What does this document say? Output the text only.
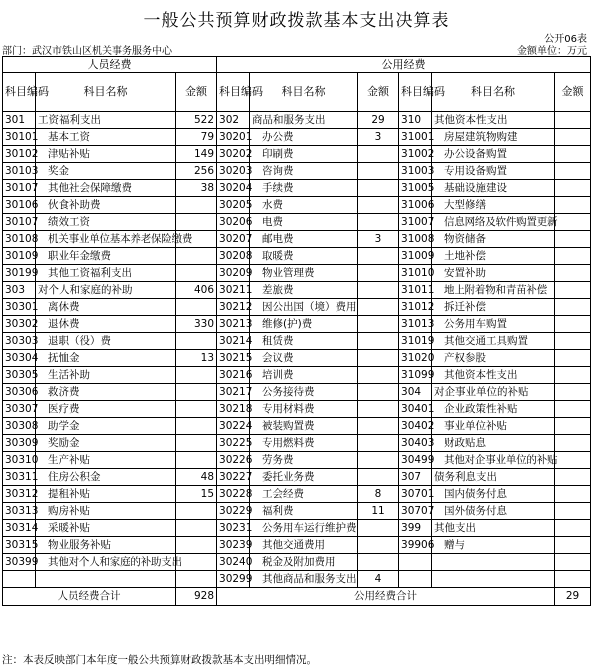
一般公共预算财政拨款基本支出决算表
公开06表
部门：武汉市铁山区机关事务服务中心	金额单位：万元
人员经费			公用经费					
科目编码	科目名称	金额	科目编码	科目名称	金额	科目编码	科目名称	金额
301	工资福利支出	522	302	商品和服务支出	29	310	其他资本性支出	
30101	基本工资	79	30201	办公费	3	31001	房屋建筑物购建	
30102	津贴补贴	149	30202	印刷费		31002	办公设备购置	
30103	奖金	256	30203	咨询费		31003	专用设备购置	
30107	其他社会保障缴费	38	30204	手续费		31005	基础设施建设	
30106	伙食补助费		30205	水费		31006	大型修缮	
30107	绩效工资		30206	电费		31007	信息网络及软件购置更新	
30108	机关事业单位基本养老保险缴费		30207	邮电费	3	31008	物资储备	
30109	职业年金缴费		30208	取暖费		31009	土地补偿	
30199	其他工资福利支出		30209	物业管理费		31010	安置补助	
303	对个人和家庭的补助	406	30211	差旅费		31011	地上附着物和青苗补偿	
30301	离休费		30212	因公出国（境）费用		31012	拆迁补偿	
30302	退休费	330	30213	维修(护)费		31013	公务用车购置	
30303	退职（役）费		30214	租赁费		31019	其他交通工具购置	
30304	抚恤金	13	30215	会议费		31020	产权参股	
30305	生活补助		30216	培训费		31099	其他资本性支出	
30306	救济费		30217	公务接待费		304	对企事业单位的补贴	
30307	医疗费		30218	专用材料费		30401	企业政策性补贴	
30308	助学金		30224	被装购置费		30402	事业单位补贴	
30309	奖励金		30225	专用燃料费		30403	财政贴息	
30310	生产补贴		30226	劳务费		30499	其他对企事业单位的补贴	
30311	住房公积金	48	30227	委托业务费		307	债务利息支出	
30312	提租补贴	15	30228	工会经费	8	30701	国内债务付息	
30313	购房补贴		30229	福利费	11	30707	国外债务付息	
30314	采暖补贴		30231	公务用车运行维护费		399	其他支出	
30315	物业服务补贴		30239	其他交通费用		39906	赠与	
30399	其他对个人和家庭的补助支出		30240	税金及附加费用				
			30299	其他商品和服务支出	4			
人员经费合计		928	公用经费合计					29
注：本表反映部门本年度一般公共预算财政拨款基本支出明细情况。
